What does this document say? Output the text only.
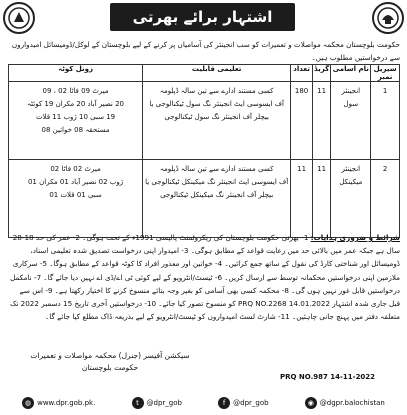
اشتہار برائے بھرتی
حکومت بلوچستان محکمہ مواصلات و تعمیرات کو سب انجینئر کی آسامیاں پر کرنے کے لیے بلوچستان کے لوکل/ڈومیسائل امیدواروں سے درخواستیں مطلوب ہیں۔
سیریل نمبر	نام آسامی	گریڈ	تعداد	تعلیمی قابلیت	زونل کوٹہ
1	انجینئر سول	11	180	کسی مستند ادارے سے تین سالہ ڈپلومہ
آف ایسوسی ایٹ انجینئر نگ سول ٹیکنالوجی یا
بیچلر آف انجینئر نگ سول ٹیکنالوجی	میرٹ 09 فاٹا 02 ، 09
20 نصیر آباد 20 مکران 19 کوئٹہ
19 سبی 10 ژوب 11 قلات
مستحقہ 08 خواتین 08

2	انجینئر میکینکل	11	11	کسی مستند ادارے سے تین سالہ ڈپلومہ
آف ایسوسی ایٹ انجینئر نگ میکینکل ٹیکنالوجی یا
بیچلر آف انجینئر نگ میکینکل ٹیکنالوجی	میرٹ 02 فاٹا 02
ژوب 02 نصیر آباد 01 مکران 01
سبی 01 قلات 01
شرائط و ضروری ہدایات: 1- بھرتی حکومت بلوچستان کی ریکروٹمنٹ پالیسی 1991ء کے تحت ہوگی۔ 2- عمر کی حد 18-28 سال ہے جبکہ عمر میں بالائی حد میں رعایت قواعد کے مطابق ہوگی۔ 3- امیدوار اپنی درخواست تصدیق شدہ تعلیمی اسناد، ڈومیسائل اور شناختی کارڈ کی نقول کے ساتھ جمع کرائیں۔ 4- خواتین اور معذور افراد کا کوٹہ قواعد کے مطابق ہوگا۔ 5- سرکاری ملازمین اپنی درخواستیں محکمانہ توسط سے ارسال کریں۔ 6- ٹیسٹ/انٹرویو کے لیے کوئی ٹی اے/ڈی اے نہیں دیا جائے گا۔ 7- نامکمل درخواستیں قابل غور نہیں ہوں گی۔ 8- محکمہ کسی بھی آسامی کو بغیر وجہ بتائے منسوخ کرنے کا اختیار رکھتا ہے۔ 9- اس سے قبل جاری شدہ اشتہار PRQ NO.2268 14.01.2022 کو منسوخ تصور کیا جائے۔ 10- درخواستیں آخری تاریخ 15 دسمبر 2022 تک متعلقہ دفتر میں پہنچ جانی چاہئیں۔ 11- شارٹ لسٹ امیدواروں کو ٹیسٹ/انٹرویو کے لیے بذریعہ ڈاک مطلع کیا جائے گا۔
سیکشن آفیسر (جنرل) محکمہ مواصلات و تعمیرات
حکومت بلوچستان
PRQ NO.987 14-11-2022
◍ www.dpr.gob.pk.	t	@dpr_gob	f	@dpr_gob	◉ @dgpr.balochistan
